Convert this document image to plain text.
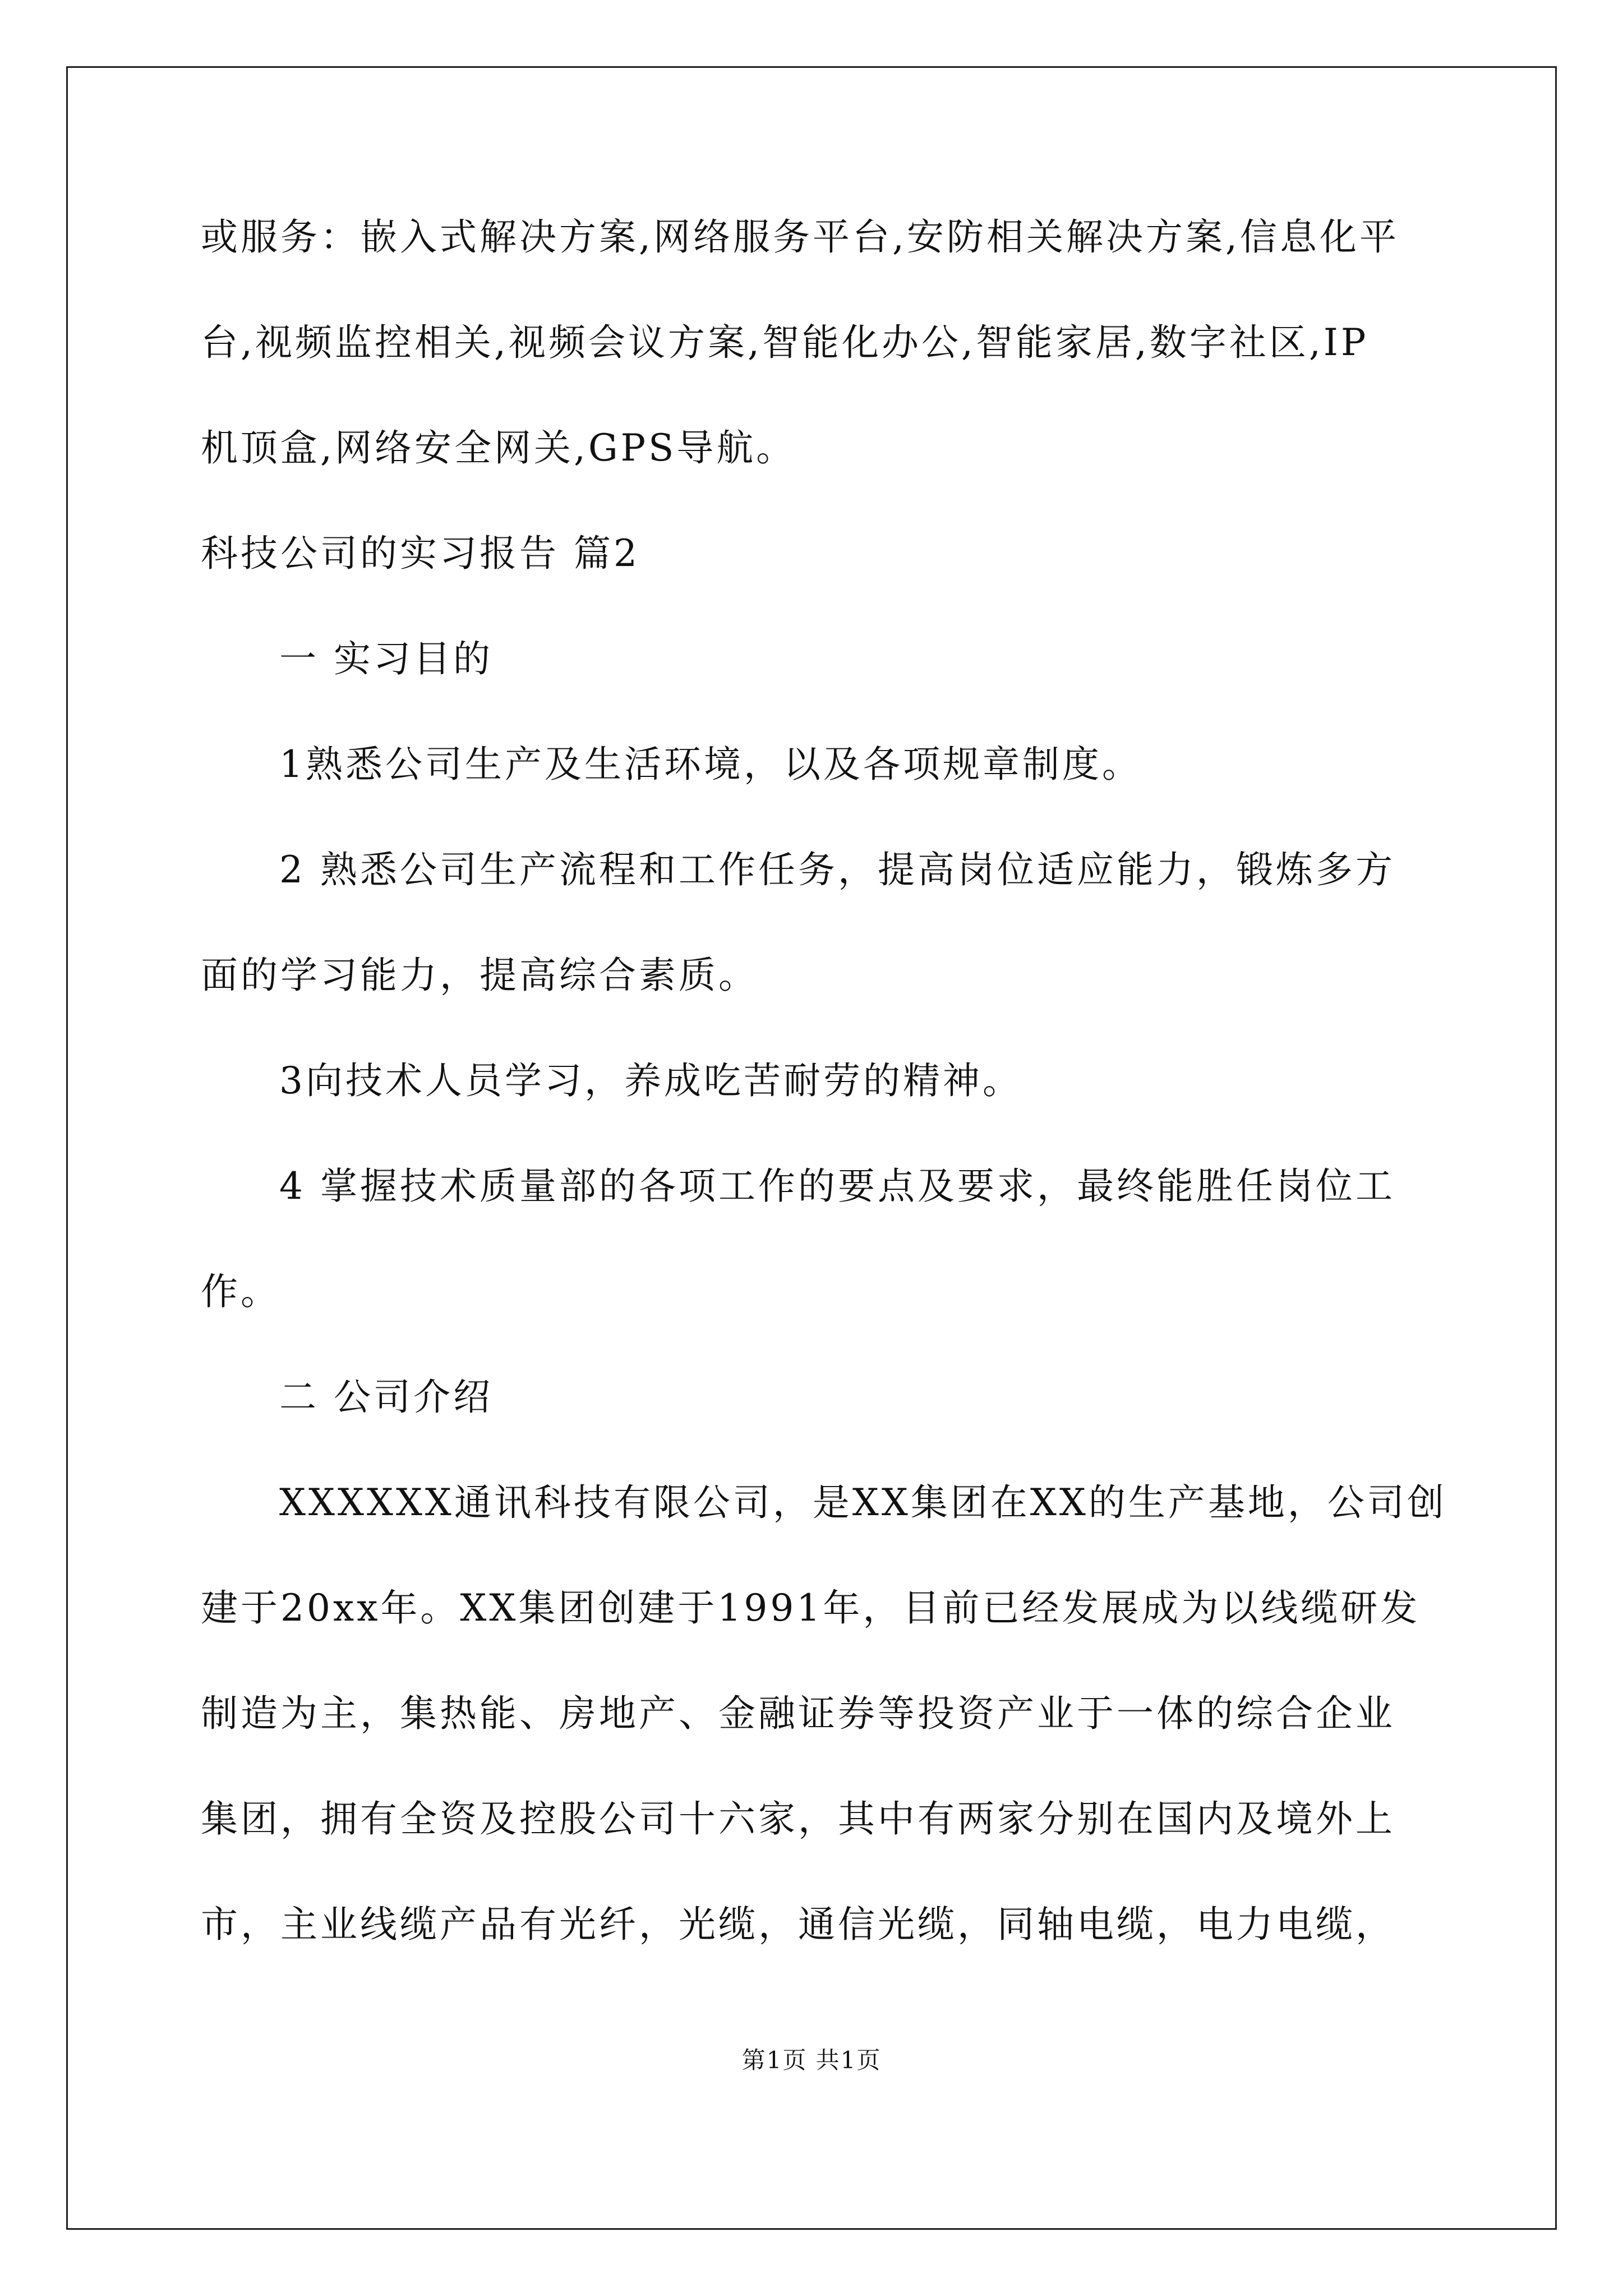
或服务：嵌入式解决方案,网络服务平台,安防相关解决方案,信息化平
台,视频监控相关,视频会议方案,智能化办公,智能家居,数字社区,IP
机顶盒,网络安全网关,GPS导航。
科技公司的实习报告 篇2
一 实习目的
1熟悉公司生产及生活环境，以及各项规章制度。
2 熟悉公司生产流程和工作任务，提高岗位适应能力，锻炼多方
面的学习能力，提高综合素质。
3向技术人员学习，养成吃苦耐劳的精神。
4 掌握技术质量部的各项工作的要点及要求，最终能胜任岗位工
作。
二 公司介绍
XXXXXX通讯科技有限公司，是XX集团在XX的生产基地，公司创
建于20xx年。XX集团创建于1991年，目前已经发展成为以线缆研发
制造为主，集热能、房地产、金融证券等投资产业于一体的综合企业
集团，拥有全资及控股公司十六家，其中有两家分别在国内及境外上
市，主业线缆产品有光纤，光缆，通信光缆，同轴电缆，电力电缆，
第1页 共1页
